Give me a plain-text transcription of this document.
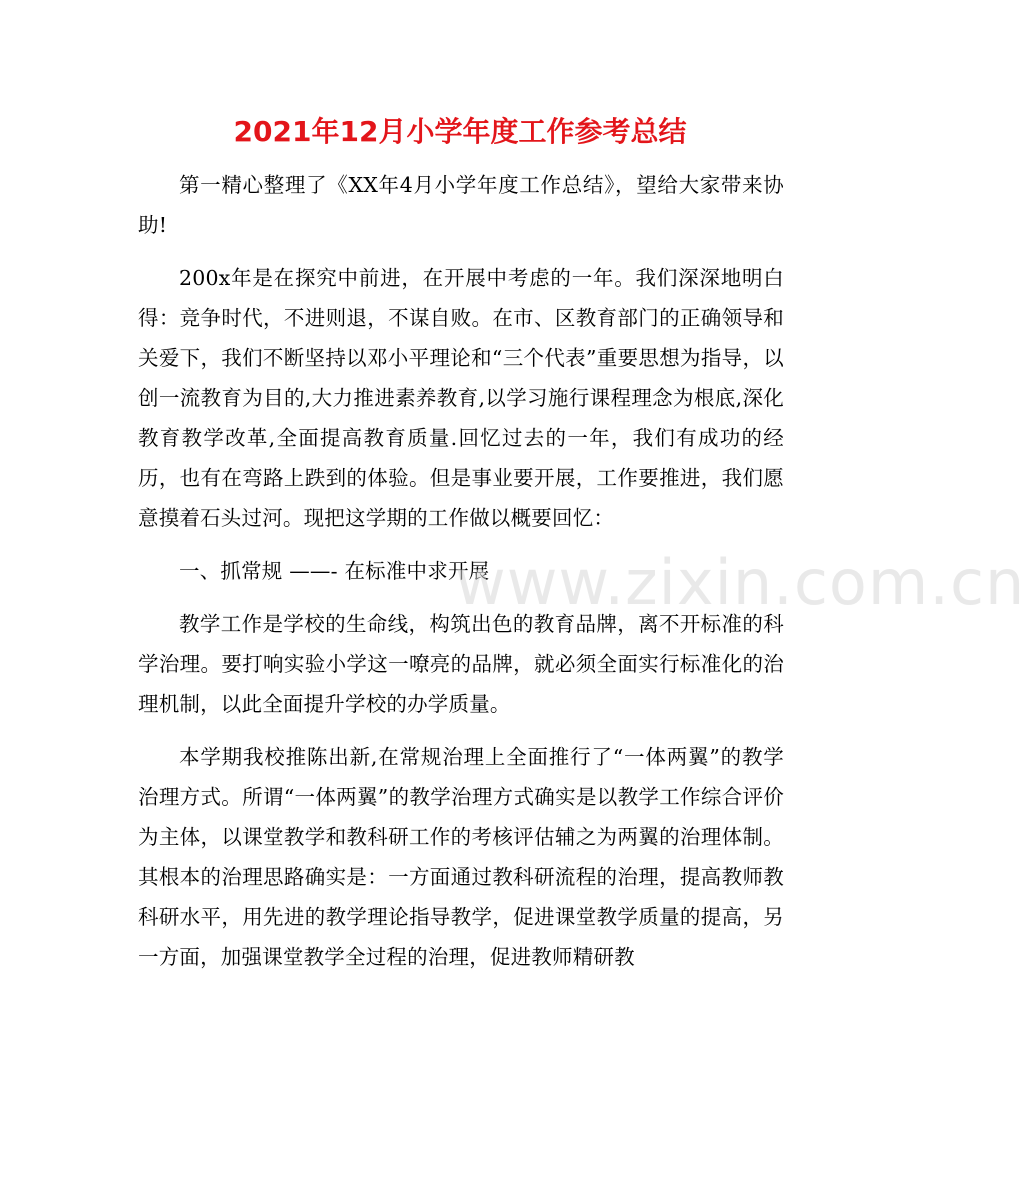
2021年12月小学年度工作参考总结

第一精心整理了《XX年4月小学年度工作总结》，望给大家带来协助!

200x年是在探究中前进，在开展中考虑的一年。我们深深地明白得：竞争时代，不进则退，不谋自败。在市、区教育部门的正确领导和关爱下，我们不断坚持以邓小平理论和“三个代表”重要思想为指导，以创一流教育为目的,大力推进素养教育,以学习施行课程理念为根底,深化教育教学改革,全面提高教育质量.回忆过去的一年，我们有成功的经历，也有在弯路上跌到的体验。但是事业要开展，工作要推进，我们愿意摸着石头过河。现把这学期的工作做以概要回忆：

一、抓常规 ——- 在标准中求开展

教学工作是学校的生命线，构筑出色的教育品牌，离不开标准的科学治理。要打响实验小学这一嘹亮的品牌，就必须全面实行标准化的治理机制，以此全面提升学校的办学质量。

本学期我校推陈出新,在常规治理上全面推行了“一体两翼”的教学治理方式。所谓“一体两翼”的教学治理方式确实是以教学工作综合评价为主体，以课堂教学和教科研工作的考核评估辅之为两翼的治理体制。其根本的治理思路确实是：一方面通过教科研流程的治理，提高教师教科研水平，用先进的教学理论指导教学，促进课堂教学质量的提高，另一方面，加强课堂教学全过程的治理，促进教师精研教

www.zixin.com.cn
